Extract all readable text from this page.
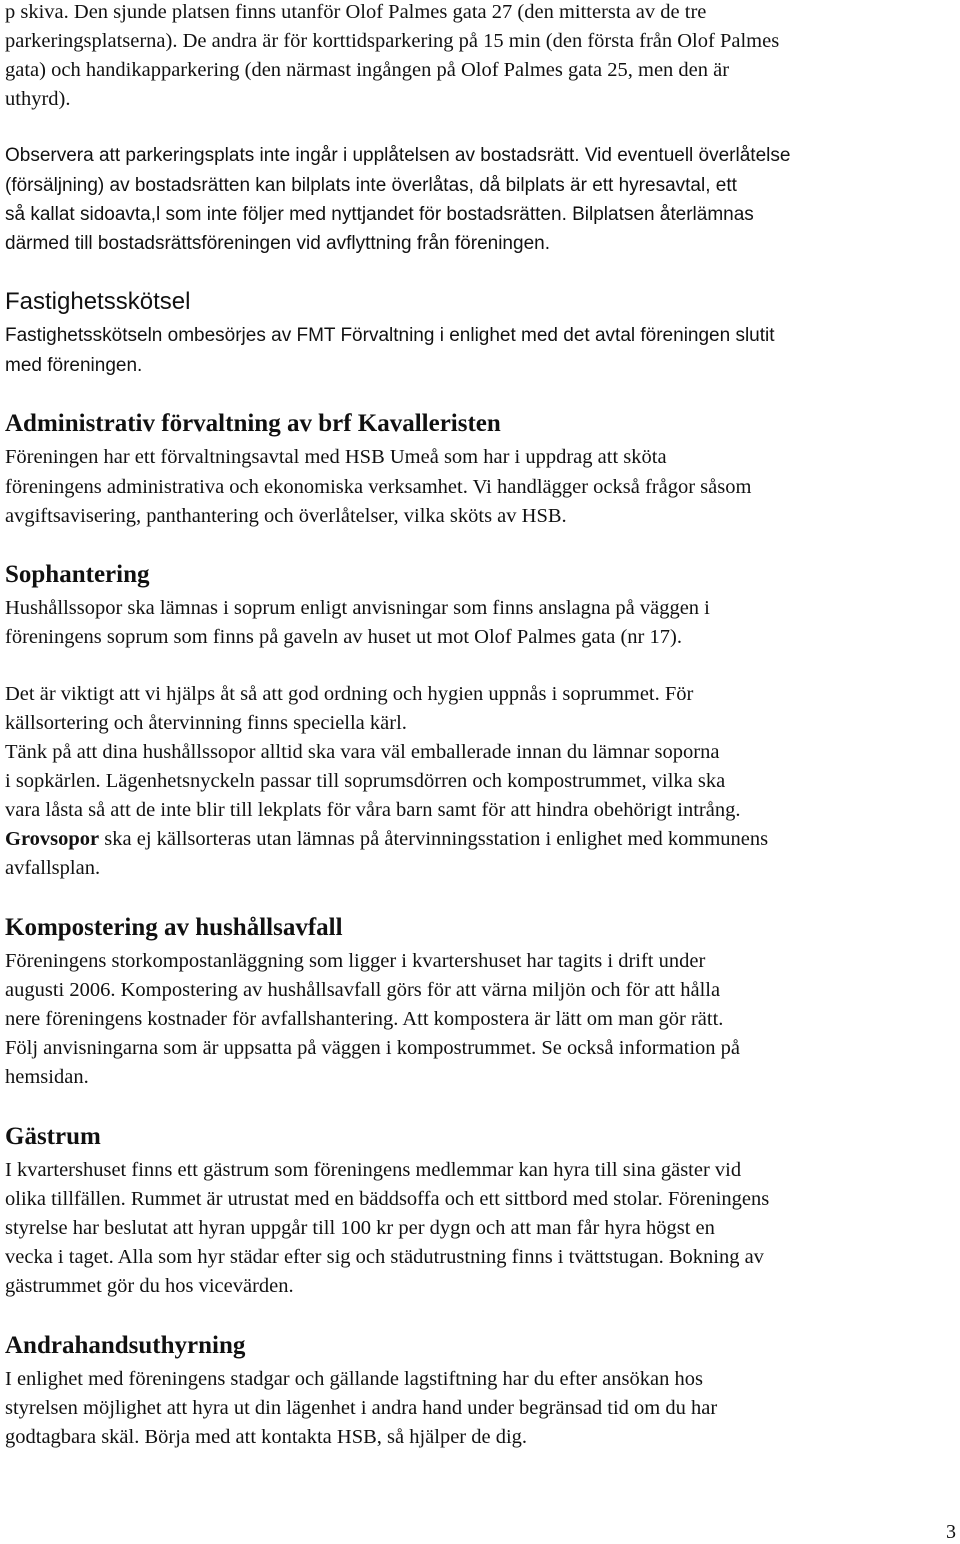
p skiva. Den sjunde platsen finns utanför Olof Palmes gata 27 (den mittersta av de tre
parkeringsplatserna). De andra är för korttidsparkering på 15 min (den första från Olof Palmes
gata) och handikapparkering (den närmast ingången på Olof Palmes gata 25, men den är
uthyrd).
Observera att parkeringsplats inte ingår i upplåtelsen av bostadsrätt. Vid eventuell överlåtelse
(försäljning) av bostadsrätten kan bilplats inte överlåtas, då bilplats är ett hyresavtal, ett
så kallat sidoavta,l som inte följer med nyttjandet för bostadsrätten. Bilplatsen återlämnas
därmed till bostadsrättsföreningen vid avflyttning från föreningen.
Fastighetsskötsel
Fastighetsskötseln ombesörjes av FMT Förvaltning i enlighet med det avtal föreningen slutit
med föreningen.
Administrativ förvaltning av brf Kavalleristen
Föreningen har ett förvaltningsavtal med HSB Umeå som har i uppdrag att sköta
föreningens administrativa och ekonomiska verksamhet. Vi handlägger också frågor såsom
avgiftsavisering, panthantering och överlåtelser, vilka sköts av HSB.
Sophantering
Hushållssopor ska lämnas i soprum enligt anvisningar som finns anslagna på väggen i
föreningens soprum som finns på gaveln av huset ut mot Olof Palmes gata (nr 17).
Det är viktigt att vi hjälps åt så att god ordning och hygien uppnås i soprummet. För
källsortering och återvinning finns speciella kärl.
Tänk på att dina hushållssopor alltid ska vara väl emballerade innan du lämnar soporna
i sopkärlen. Lägenhetsnyckeln passar till soprumsdörren och kompostrummet, vilka ska
vara låsta så att de inte blir till lekplats för våra barn samt för att hindra obehörigt intrång.
Grovsopor ska ej källsorteras utan lämnas på återvinningsstation i enlighet med kommunens
avfallsplan.
Kompostering av hushållsavfall
Föreningens storkompostanläggning som ligger i kvartershuset har tagits i drift under
augusti 2006. Kompostering av hushållsavfall görs för att värna miljön och för att hålla
nere föreningens kostnader för avfallshantering. Att kompostera är lätt om man gör rätt.
Följ anvisningarna som är uppsatta på väggen i kompostrummet. Se också information på
hemsidan.
Gästrum
I kvartershuset finns ett gästrum som föreningens medlemmar kan hyra till sina gäster vid
olika tillfällen. Rummet är utrustat med en bäddsoffa och ett sittbord med stolar. Föreningens
styrelse har beslutat att hyran uppgår till 100 kr per dygn och att man får hyra högst en
vecka i taget. Alla som hyr städar efter sig och städutrustning finns i tvättstugan. Bokning av
gästrummet gör du hos vicevärden.
Andrahandsuthyrning
I enlighet med föreningens stadgar och gällande lagstiftning har du efter ansökan hos
styrelsen möjlighet att hyra ut din lägenhet i andra hand under begränsad tid om du har
godtagbara skäl. Börja med att kontakta HSB, så hjälper de dig.
3
